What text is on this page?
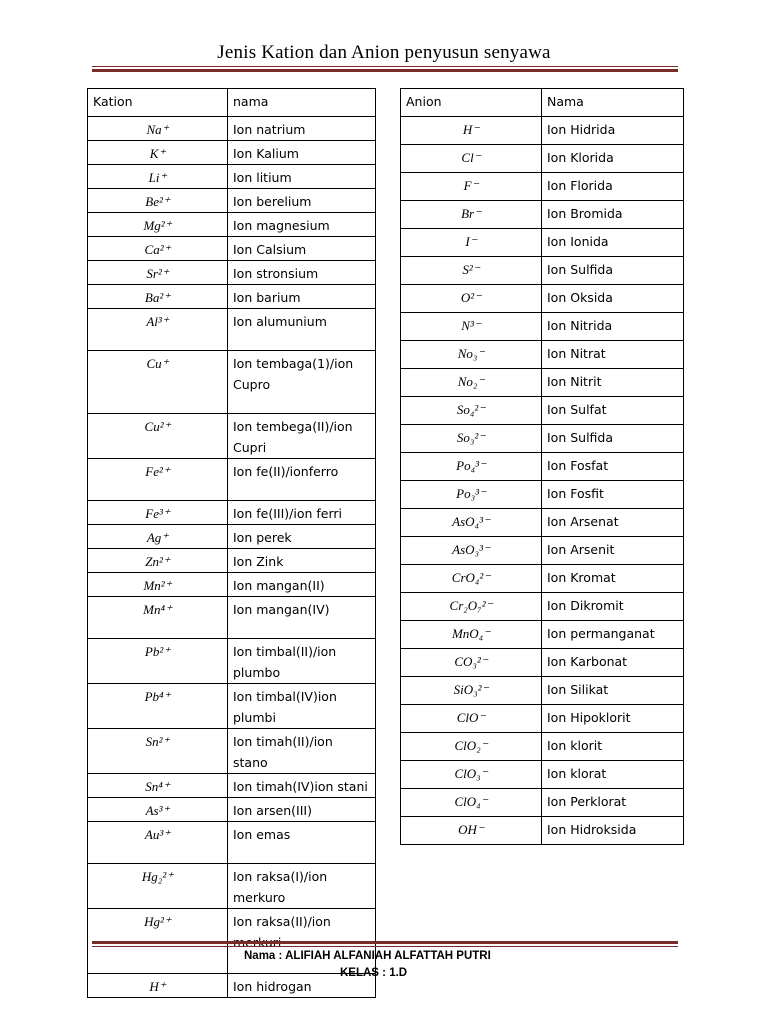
Jenis Kation dan Anion penyusun senyawa
Kation	nama
Na⁺	Ion natrium
K⁺	Ion Kalium
Li⁺	Ion litium
Be²⁺	Ion berelium
Mg²⁺	Ion magnesium
Ca²⁺	Ion Calsium
Sr²⁺	Ion stronsium
Ba²⁺	Ion barium
Al³⁺	Ion alumunium
Cu⁺	Ion tembaga(1)/ion Cupro
Cu²⁺	Ion tembega(II)/ion Cupri
Fe²⁺	Ion fe(II)/ionferro
Fe³⁺	Ion fe(III)/ion ferri
Ag⁺	Ion perek
Zn²⁺	Ion Zink
Mn²⁺	Ion mangan(II)
Mn⁴⁺	Ion mangan(IV)
Pb²⁺	Ion timbal(II)/ion plumbo
Pb⁴⁺	Ion timbal(IV)ion plumbi
Sn²⁺	Ion timah(II)/ion stano
Sn⁴⁺	Ion timah(IV)ion stani
As³⁺	Ion arsen(III)
Au³⁺	Ion emas
Hg₂²⁺	Ion raksa(I)/ion merkuro
Hg²⁺	Ion raksa(II)/ion
H⁺	Ion hidrogan
Anion	Nama
H⁻	Ion Hidrida
Cl⁻	Ion Klorida
F⁻	Ion Florida
Br⁻	Ion Bromida
I⁻	Ion Ionida
S²⁻	Ion Sulfida
O²⁻	Ion Oksida
N³⁻	Ion Nitrida
No₃⁻	Ion Nitrat
No₂⁻	Ion Nitrit
So₄²⁻	Ion Sulfat
So₃²⁻	Ion Sulfida
Po₄³⁻	Ion Fosfat
Po₃³⁻	Ion Fosfit
AsO₄³⁻	Ion Arsenat
AsO₃³⁻	Ion Arsenit
CrO₄²⁻	Ion Kromat
Cr₂O₇²⁻	Ion Dikromit
MnO₄⁻	Ion permanganat
CO₃²⁻	Ion Karbonat
SiO₃²⁻	Ion Silikat
ClO⁻	Ion Hipoklorit
ClO₂⁻	Ion klorit
ClO₃⁻	Ion klorat
ClO₄⁻	Ion Perklorat
OH⁻	Ion Hidroksida
Nama : ALIFIAH ALFANIAH ALFATTAH PUTRI
KELAS : 1.D
